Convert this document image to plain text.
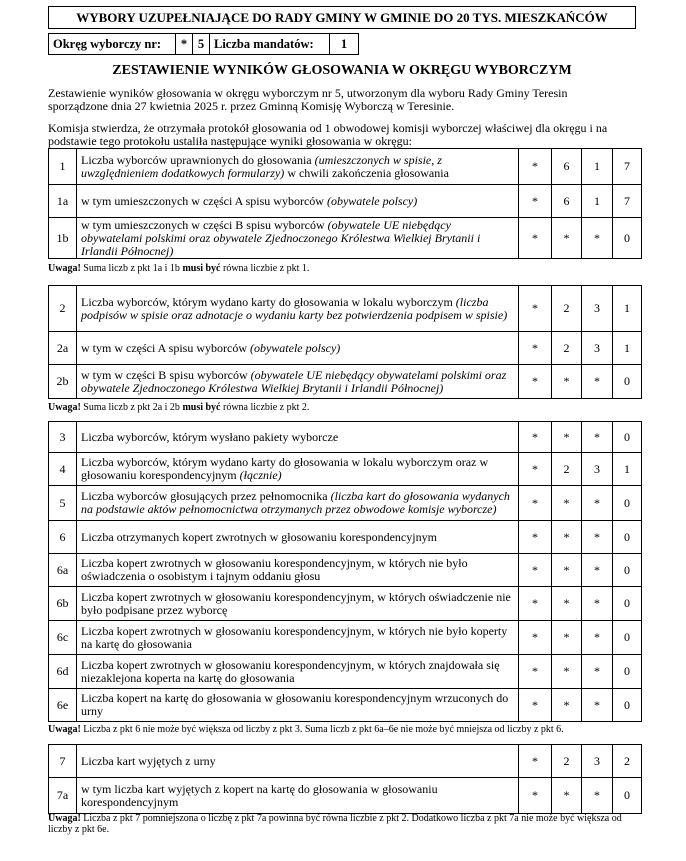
WYBORY UZUPEŁNIAJĄCE DO RADY GMINY W GMINIE DO 20 TYS. MIESZKAŃCÓW
Okręg wyborczy nr:	*	5	Liczba mandatów:	1
ZESTAWIENIE WYNIKÓW GŁOSOWANIA W OKRĘGU WYBORCZYM
Zestawienie wyników głosowania w okręgu wyborczym nr 5, utworzonym dla wyboru Rady Gminy Teresin
sporządzone dnia 27 kwietnia 2025 r. przez Gminną Komisję Wyborczą w Teresinie.
Komisja stwierdza, że otrzymała protokół głosowania od 1 obwodowej komisji wyborczej właściwej dla okręgu i na
podstawie tego protokołu ustaliła następujące wyniki głosowania w okręgu:
1	Liczba wyborców uprawnionych do głosowania (umieszczonych w spisie, z uwzględnieniem dodatkowych formularzy) w chwili zakończenia głosowania	*	6	1	7
1a	w tym umieszczonych w części A spisu wyborców (obywatele polscy)	*	6	1	7
1b	w tym umieszczonych w części B spisu wyborców (obywatele UE niebędący obywatelami polskimi oraz obywatele Zjednoczonego Królestwa Wielkiej Brytanii i Irlandii Północnej)	*	*	*	0
Uwaga! Suma liczb z pkt 1a i 1b musi być równa liczbie z pkt 1.
2	Liczba wyborców, którym wydano karty do głosowania w lokalu wyborczym (liczba podpisów w spisie oraz adnotacje o wydaniu karty bez potwierdzenia podpisem w spisie)	*	2	3	1
2a	w tym w części A spisu wyborców (obywatele polscy)	*	2	3	1
2b	w tym w części B spisu wyborców (obywatele UE niebędący obywatelami polskimi oraz obywatele Zjednoczonego Królestwa Wielkiej Brytanii i Irlandii Północnej)	*	*	*	0
Uwaga! Suma liczb z pkt 2a i 2b musi być równa liczbie z pkt 2.
3	Liczba wyborców, którym wysłano pakiety wyborcze	*	*	*	0
4	Liczba wyborców, którym wydano karty do głosowania w lokalu wyborczym oraz w głosowaniu korespondencyjnym (łącznie)	*	2	3	1
5	Liczba wyborców głosujących przez pełnomocnika (liczba kart do głosowania wydanych na podstawie aktów pełnomocnictwa otrzymanych przez obwodowe komisje wyborcze)	*	*	*	0
6	Liczba otrzymanych kopert zwrotnych w głosowaniu korespondencyjnym	*	*	*	0
6a	Liczba kopert zwrotnych w głosowaniu korespondencyjnym, w których nie było oświadczenia o osobistym i tajnym oddaniu głosu	*	*	*	0
6b	Liczba kopert zwrotnych w głosowaniu korespondencyjnym, w których oświadczenie nie było podpisane przez wyborcę	*	*	*	0
6c	Liczba kopert zwrotnych w głosowaniu korespondencyjnym, w których nie było koperty na kartę do głosowania	*	*	*	0
6d	Liczba kopert zwrotnych w głosowaniu korespondencyjnym, w których znajdowała się niezaklejona koperta na kartę do głosowania	*	*	*	0
6e	Liczba kopert na kartę do głosowania w głosowaniu korespondencyjnym wrzuconych do urny	*	*	*	0
Uwaga! Liczba z pkt 6 nie może być większa od liczby z pkt 3. Suma liczb z pkt 6a–6e nie może być mniejsza od liczby z pkt 6.
7	Liczba kart wyjętych z urny	*	2	3	2
7a	w tym liczba kart wyjętych z kopert na kartę do głosowania w głosowaniu korespondencyjnym	*	*	*	0
Uwaga! Liczba z pkt 7 pomniejszona o liczbę z pkt 7a powinna być równa liczbie z pkt 2. Dodatkowo liczba z pkt 7a nie może być większa od liczby z pkt 6e.
